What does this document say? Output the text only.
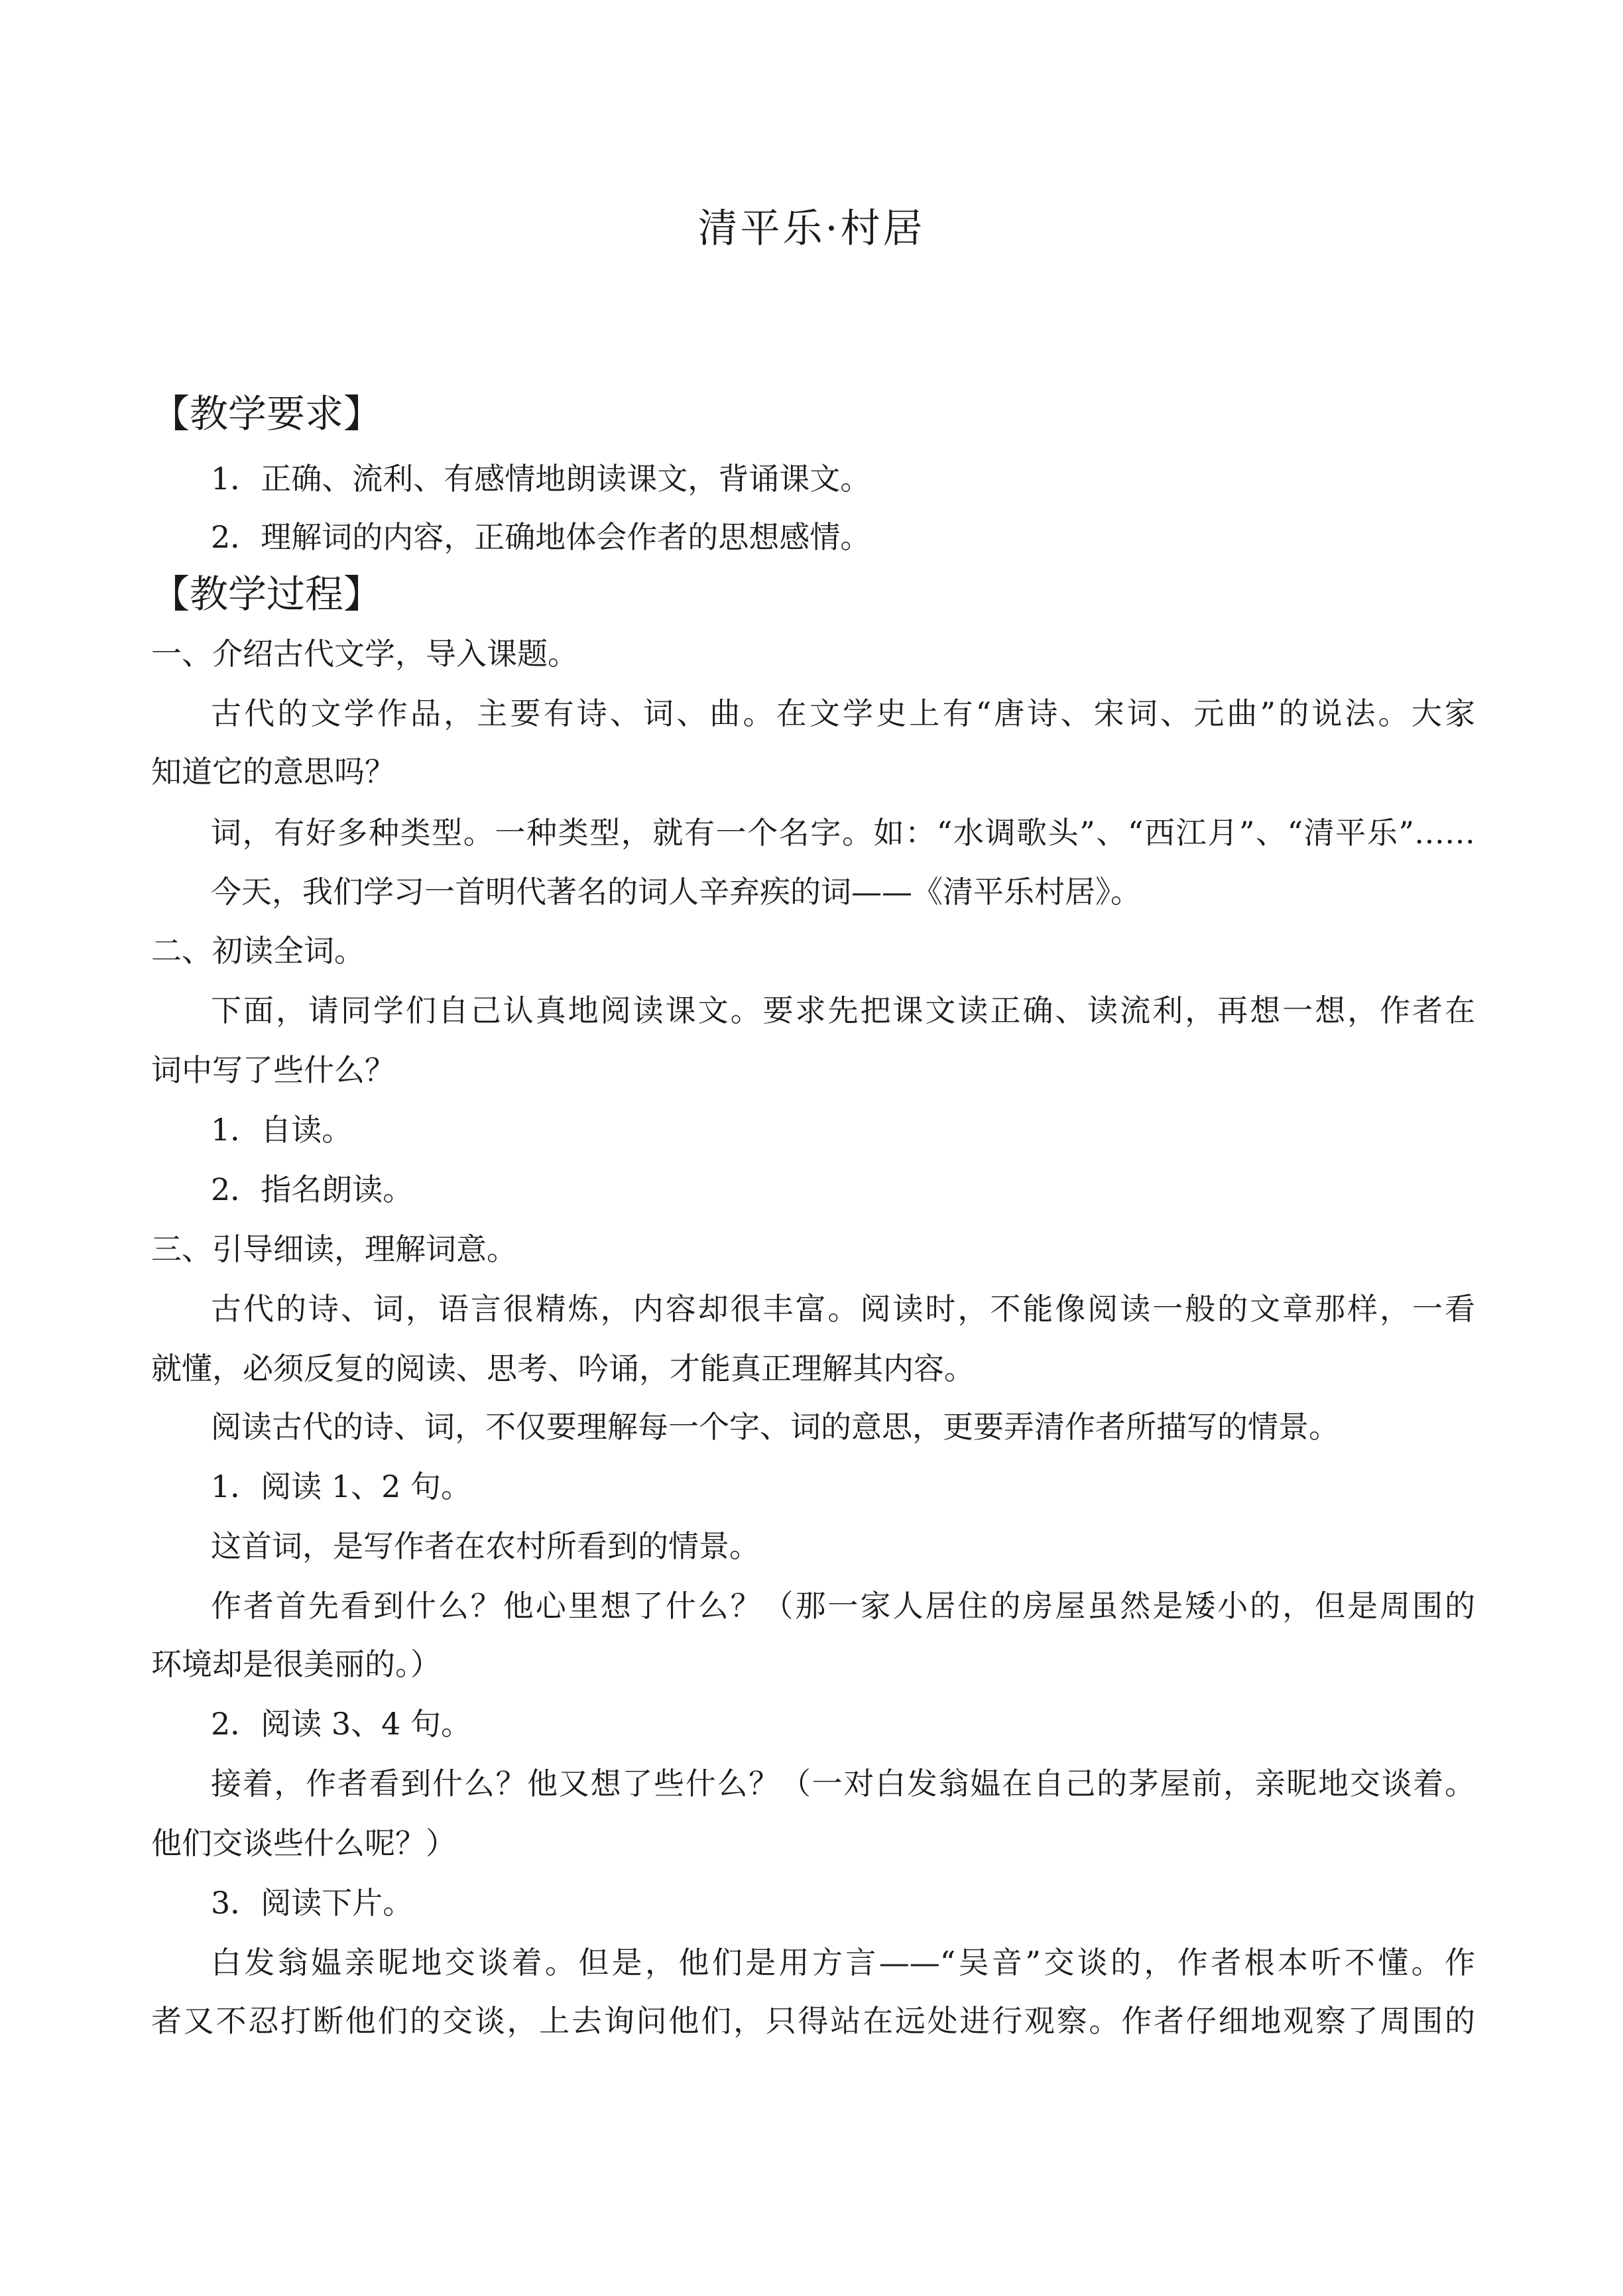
清平乐·村居
【教学要求】
1．正确、流利、有感情地朗读课文，背诵课文。
2．理解词的内容，正确地体会作者的思想感情。
【教学过程】
一、介绍古代文学，导入课题。
古代的文学作品，主要有诗、词、曲。在文学史上有“唐诗、宋词、元曲”的说法。大家
知道它的意思吗？
词，有好多种类型。一种类型，就有一个名字。如：“水调歌头”、“西江月”、“清平乐”……
今天，我们学习一首明代著名的词人辛弃疾的词——《清平乐村居》。
二、初读全词。
下面，请同学们自己认真地阅读课文。要求先把课文读正确、读流利，再想一想，作者在
词中写了些什么？
1．自读。
2．指名朗读。
三、引导细读，理解词意。
古代的诗、词，语言很精炼，内容却很丰富。阅读时，不能像阅读一般的文章那样，一看
就懂，必须反复的阅读、思考、吟诵，才能真正理解其内容。
阅读古代的诗、词，不仅要理解每一个字、词的意思，更要弄清作者所描写的情景。
1．阅读 1、2 句。
这首词，是写作者在农村所看到的情景。
作者首先看到什么？他心里想了什么？（那一家人居住的房屋虽然是矮小的，但是周围的
环境却是很美丽的。）
2．阅读 3、4 句。
接着，作者看到什么？他又想了些什么？（一对白发翁媪在自己的茅屋前，亲昵地交谈着。
他们交谈些什么呢？）
3．阅读下片。
白发翁媪亲昵地交谈着。但是，他们是用方言——“吴音”交谈的，作者根本听不懂。作
者又不忍打断他们的交谈，上去询问他们，只得站在远处进行观察。作者仔细地观察了周围的
